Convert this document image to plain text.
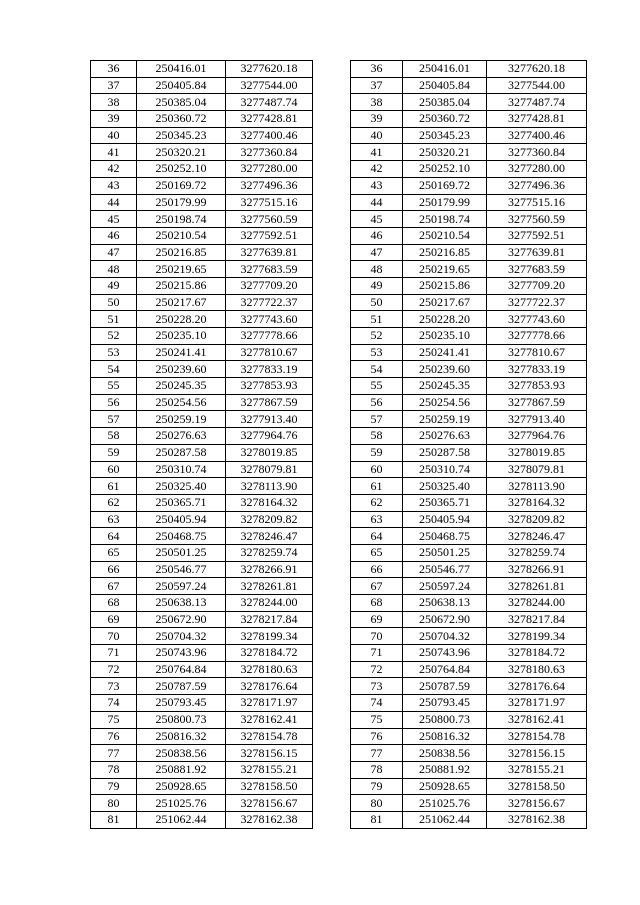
36	250416.01	3277620.18
37	250405.84	3277544.00
38	250385.04	3277487.74
39	250360.72	3277428.81
40	250345.23	3277400.46
41	250320.21	3277360.84
42	250252.10	3277280.00
43	250169.72	3277496.36
44	250179.99	3277515.16
45	250198.74	3277560.59
46	250210.54	3277592.51
47	250216.85	3277639.81
48	250219.65	3277683.59
49	250215.86	3277709.20
50	250217.67	3277722.37
51	250228.20	3277743.60
52	250235.10	3277778.66
53	250241.41	3277810.67
54	250239.60	3277833.19
55	250245.35	3277853.93
56	250254.56	3277867.59
57	250259.19	3277913.40
58	250276.63	3277964.76
59	250287.58	3278019.85
60	250310.74	3278079.81
61	250325.40	3278113.90
62	250365.71	3278164.32
63	250405.94	3278209.82
64	250468.75	3278246.47
65	250501.25	3278259.74
66	250546.77	3278266.91
67	250597.24	3278261.81
68	250638.13	3278244.00
69	250672.90	3278217.84
70	250704.32	3278199.34
71	250743.96	3278184.72
72	250764.84	3278180.63
73	250787.59	3278176.64
74	250793.45	3278171.97
75	250800.73	3278162.41
76	250816.32	3278154.78
77	250838.56	3278156.15
78	250881.92	3278155.21
79	250928.65	3278158.50
80	251025.76	3278156.67
81	251062.44	3278162.38
36	250416.01	3277620.18
37	250405.84	3277544.00
38	250385.04	3277487.74
39	250360.72	3277428.81
40	250345.23	3277400.46
41	250320.21	3277360.84
42	250252.10	3277280.00
43	250169.72	3277496.36
44	250179.99	3277515.16
45	250198.74	3277560.59
46	250210.54	3277592.51
47	250216.85	3277639.81
48	250219.65	3277683.59
49	250215.86	3277709.20
50	250217.67	3277722.37
51	250228.20	3277743.60
52	250235.10	3277778.66
53	250241.41	3277810.67
54	250239.60	3277833.19
55	250245.35	3277853.93
56	250254.56	3277867.59
57	250259.19	3277913.40
58	250276.63	3277964.76
59	250287.58	3278019.85
60	250310.74	3278079.81
61	250325.40	3278113.90
62	250365.71	3278164.32
63	250405.94	3278209.82
64	250468.75	3278246.47
65	250501.25	3278259.74
66	250546.77	3278266.91
67	250597.24	3278261.81
68	250638.13	3278244.00
69	250672.90	3278217.84
70	250704.32	3278199.34
71	250743.96	3278184.72
72	250764.84	3278180.63
73	250787.59	3278176.64
74	250793.45	3278171.97
75	250800.73	3278162.41
76	250816.32	3278154.78
77	250838.56	3278156.15
78	250881.92	3278155.21
79	250928.65	3278158.50
80	251025.76	3278156.67
81	251062.44	3278162.38
